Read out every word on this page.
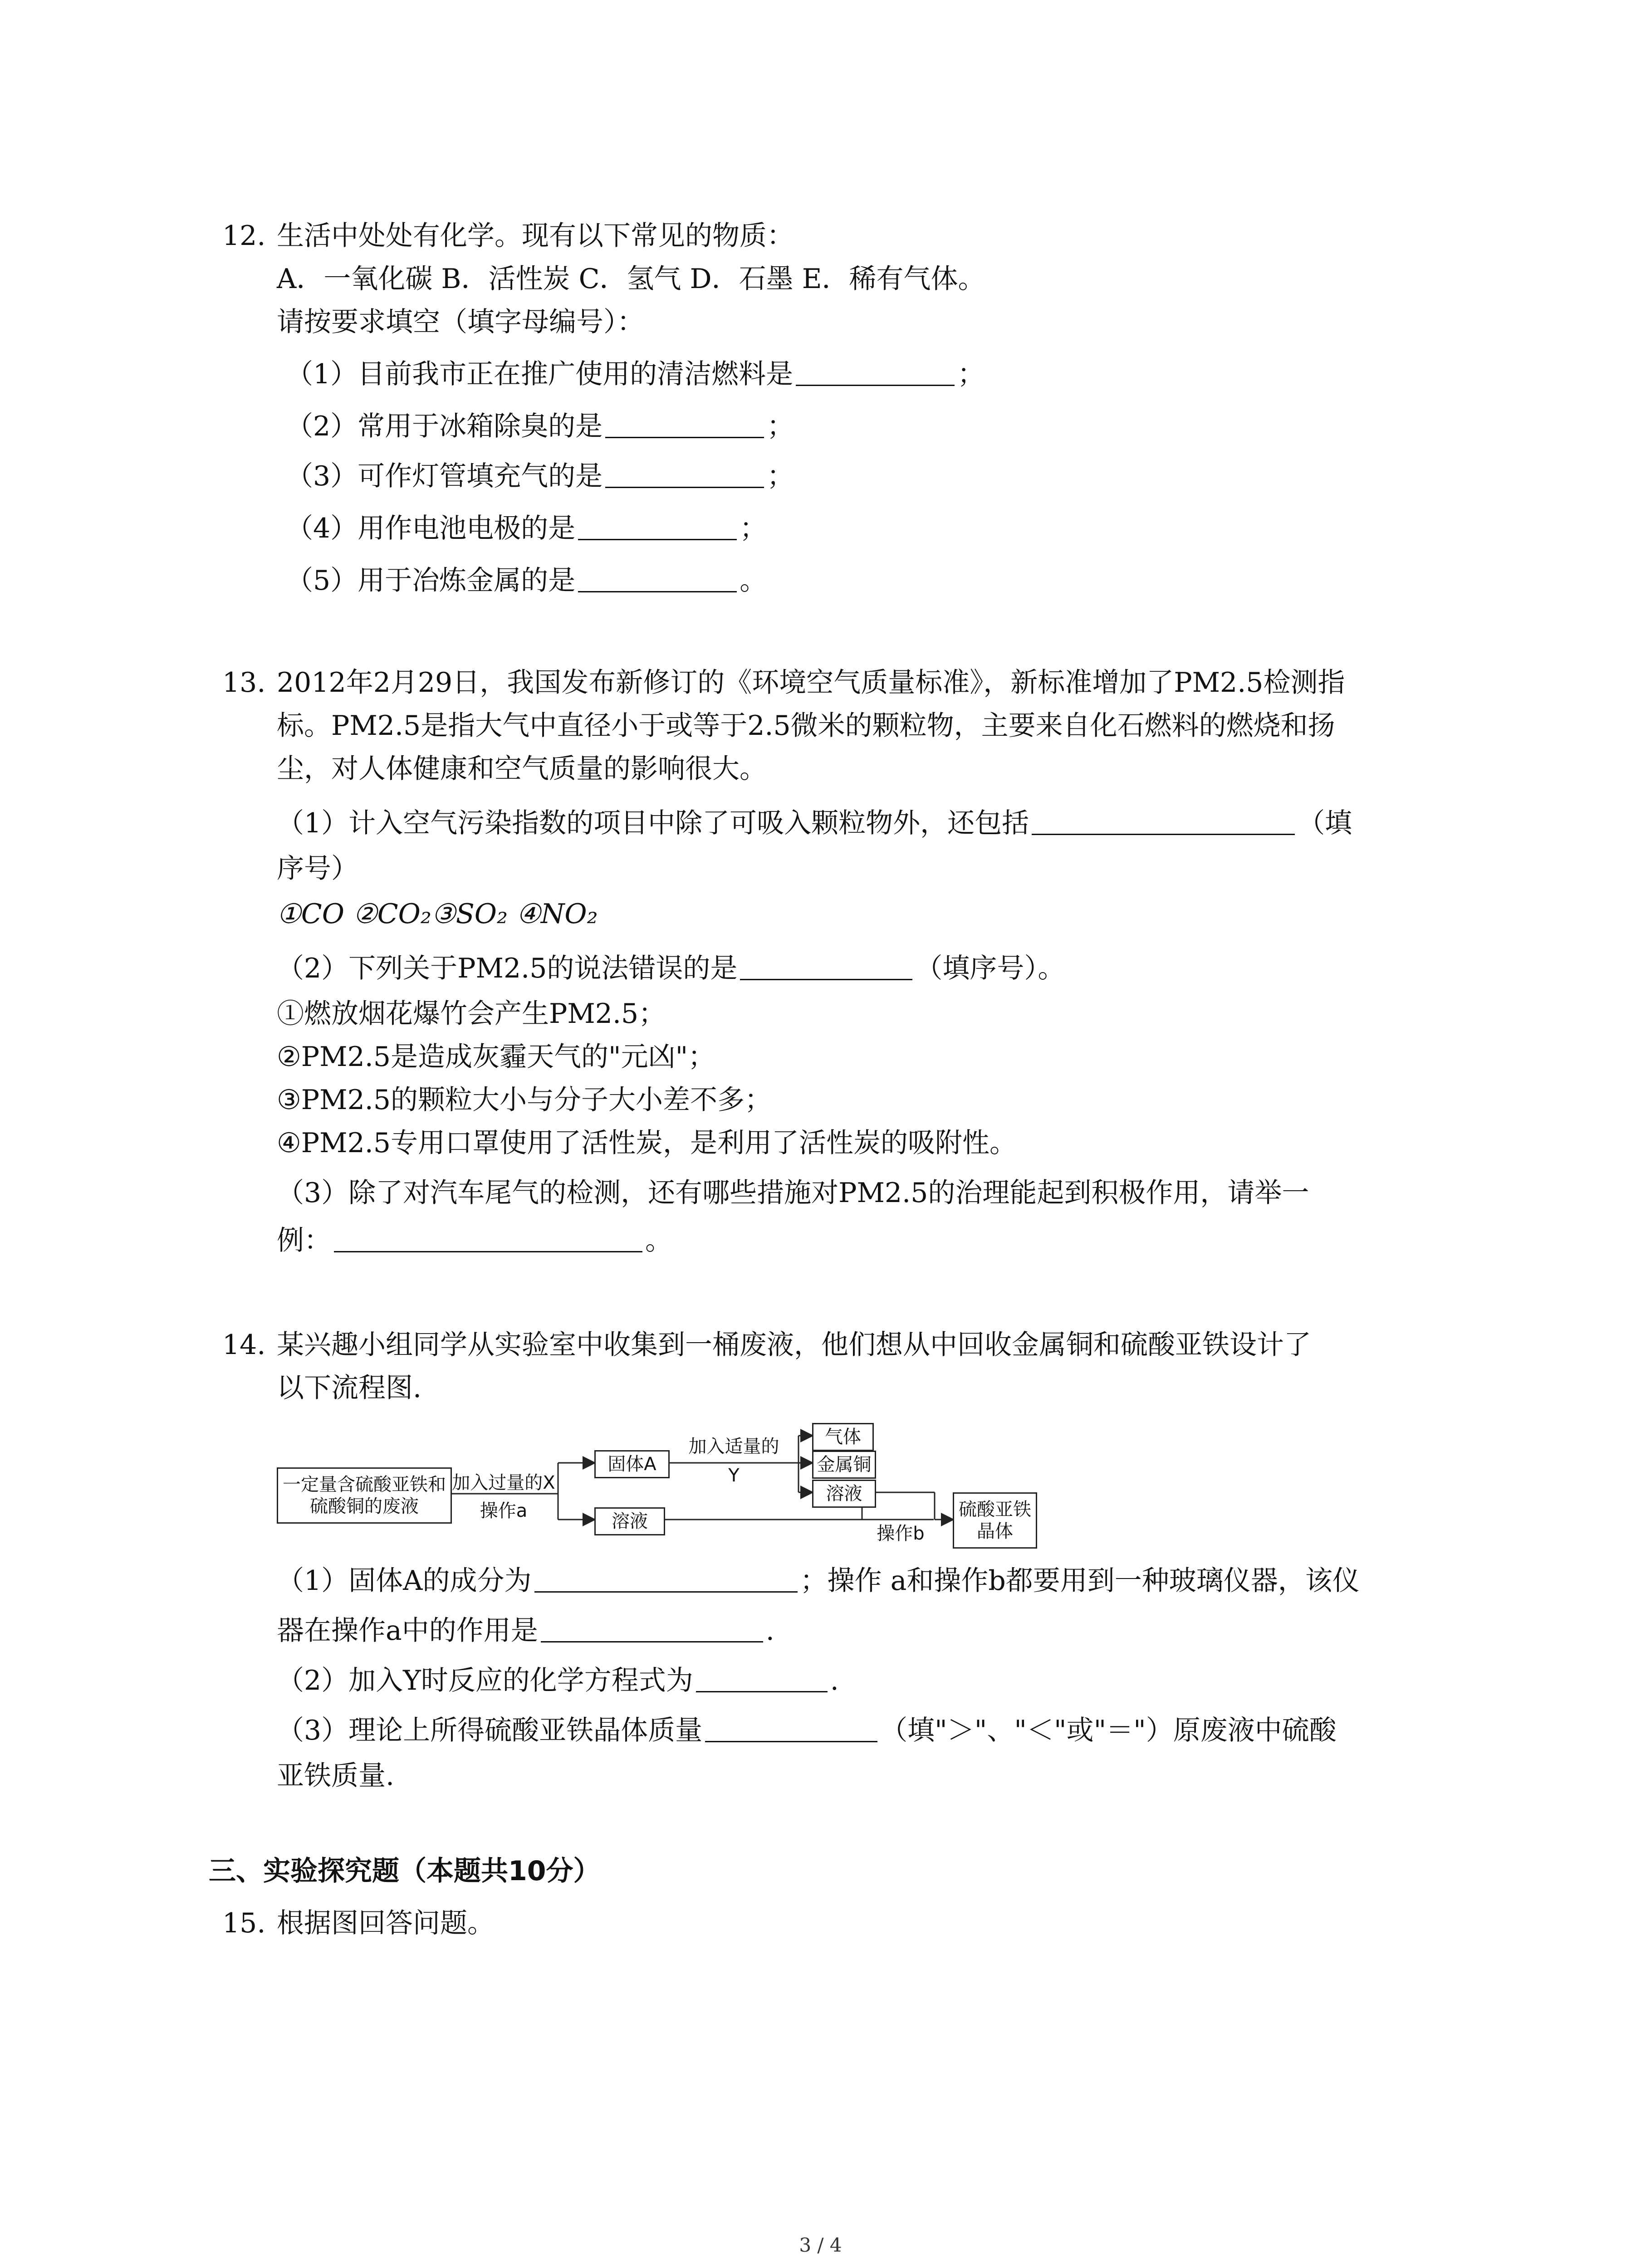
12. 生活中处处有化学。现有以下常见的物质：
A．一氧化碳 B．活性炭 C．氢气 D．石墨 E．稀有气体。
请按要求填空（填字母编号）：
（1）目前我市正在推广使用的清洁燃料是	；
（2）常用于冰箱除臭的是	；
（3）可作灯管填充气的是	；
（4）用作电池电极的是	；
（5）用于冶炼金属的是	。
13. 2012年2月29日，我国发布新修订的《环境空气质量标准》，新标准增加了PM2.5检测指
标。PM2.5是指大气中直径小于或等于2.5微米的颗粒物，主要来自化石燃料的燃烧和扬
尘，对人体健康和空气质量的影响很大。
（1）计入空气污染指数的项目中除了可吸入颗粒物外，还包括	（填
序号）
①CO ②CO₂③SO₂ ④NO₂
（2）下列关于PM2.5的说法错误的是	（填序号）。
①燃放烟花爆竹会产生PM2.5；
②PM2.5是造成灰霾天气的"元凶"；
③PM2.5的颗粒大小与分子大小差不多；
④PM2.5专用口罩使用了活性炭，是利用了活性炭的吸附性。
（3）除了对汽车尾气的检测，还有哪些措施对PM2.5的治理能起到积极作用，请举一
例：	。
14. 某兴趣小组同学从实验室中收集到一桶废液，他们想从中回收金属铜和硫酸亚铁设计了
以下流程图.
一定量含硫酸亚铁和硫酸铜的废液
加入过量的X
操作a
固体A
溶液
加入适量的
Y
气体
金属铜
溶液
操作b
硫酸亚铁晶体
（1）固体A的成分为	；操作 a和操作b都要用到一种玻璃仪器，该仪
器在操作a中的作用是	.
（2）加入Y时反应的化学方程式为	.
（3）理论上所得硫酸亚铁晶体质量	（填"＞"、"＜"或"＝"）原废液中硫酸
亚铁质量.
三、实验探究题（本题共10分）
15. 根据图回答问题。
3 / 4
